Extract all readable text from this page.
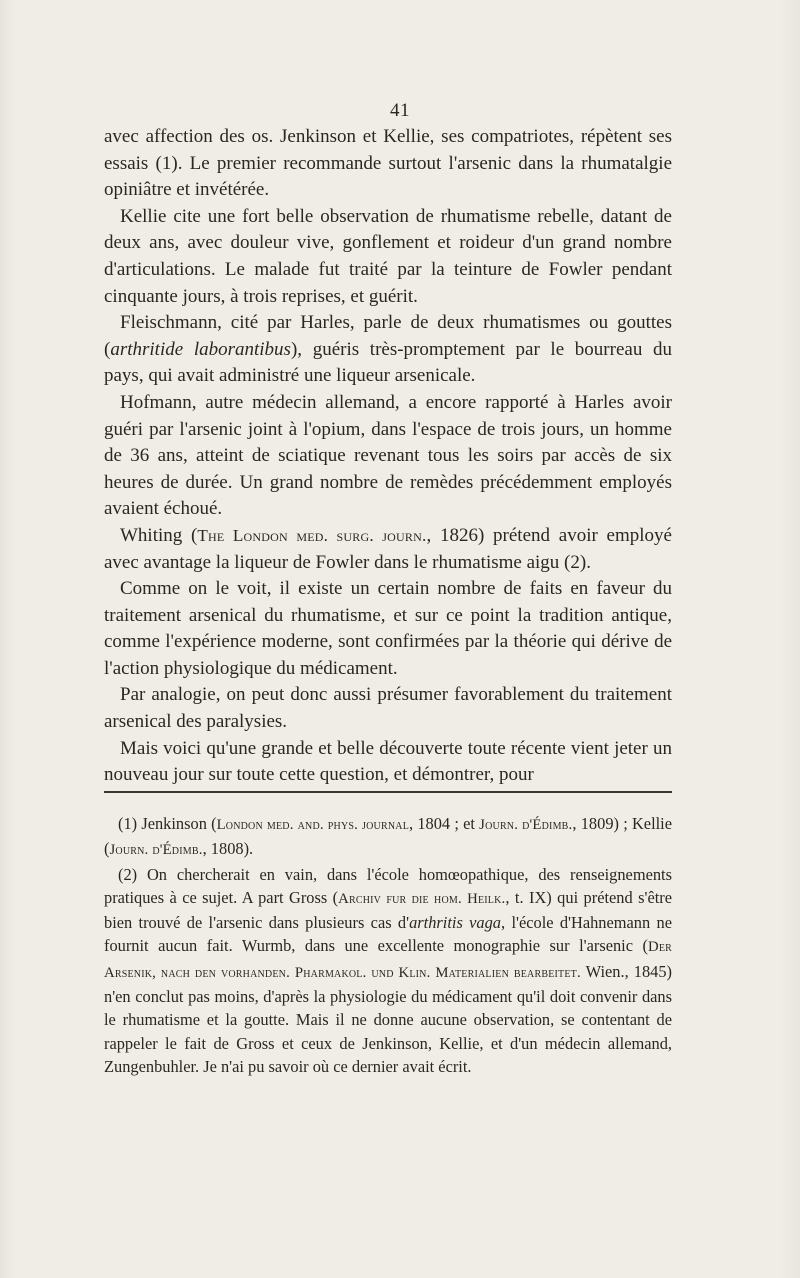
41

avec affection des os. Jenkinson et Kellie, ses compatriotes, répètent ses essais (1). Le premier recommande surtout l'arsenic dans la rhumatalgie opiniâtre et invétérée.

Kellie cite une fort belle observation de rhumatisme rebelle, datant de deux ans, avec douleur vive, gonflement et roideur d'un grand nombre d'articulations. Le malade fut traité par la teinture de Fowler pendant cinquante jours, à trois reprises, et guérit.

Fleischmann, cité par Harles, parle de deux rhumatismes ou gouttes (arthritide laborantibus), guéris très-promptement par le bourreau du pays, qui avait administré une liqueur arsenicale.

Hofmann, autre médecin allemand, a encore rapporté à Harles avoir guéri par l'arsenic joint à l'opium, dans l'espace de trois jours, un homme de 36 ans, atteint de sciatique revenant tous les soirs par accès de six heures de durée. Un grand nombre de remèdes précédemment employés avaient échoué.

Whiting (The London med. surg. journ., 1826) prétend avoir employé avec avantage la liqueur de Fowler dans le rhumatisme aigu (2).

Comme on le voit, il existe un certain nombre de faits en faveur du traitement arsenical du rhumatisme, et sur ce point la tradition antique, comme l'expérience moderne, sont confirmées par la théorie qui dérive de l'action physiologique du médicament.

Par analogie, on peut donc aussi présumer favorablement du traitement arsenical des paralysies.

Mais voici qu'une grande et belle découverte toute récente vient jeter un nouveau jour sur toute cette question, et démontrer, pour

(1) Jenkinson (London med. and. phys. journal, 1804 ; et Journ. d'Édimb., 1809) ; Kellie (Journ. d'Édimb., 1808).

(2) On chercherait en vain, dans l'école homœopathique, des renseignements pratiques à ce sujet. A part Gross (Archiv fur die hom. Heilk., t. IX) qui prétend s'être bien trouvé de l'arsenic dans plusieurs cas d'arthritis vaga, l'école d'Hahnemann ne fournit aucun fait. Wurmb, dans une excellente monographie sur l'arsenic (Der Arsenik, nach den vorhanden. Pharmakol. und Klin. Materialien bearbeitet. Wien., 1845) n'en conclut pas moins, d'après la physiologie du médicament qu'il doit convenir dans le rhumatisme et la goutte. Mais il ne donne aucune observation, se contentant de rappeler le fait de Gross et ceux de Jenkinson, Kellie, et d'un médecin allemand, Zungenbuhler. Je n'ai pu savoir où ce dernier avait écrit.
